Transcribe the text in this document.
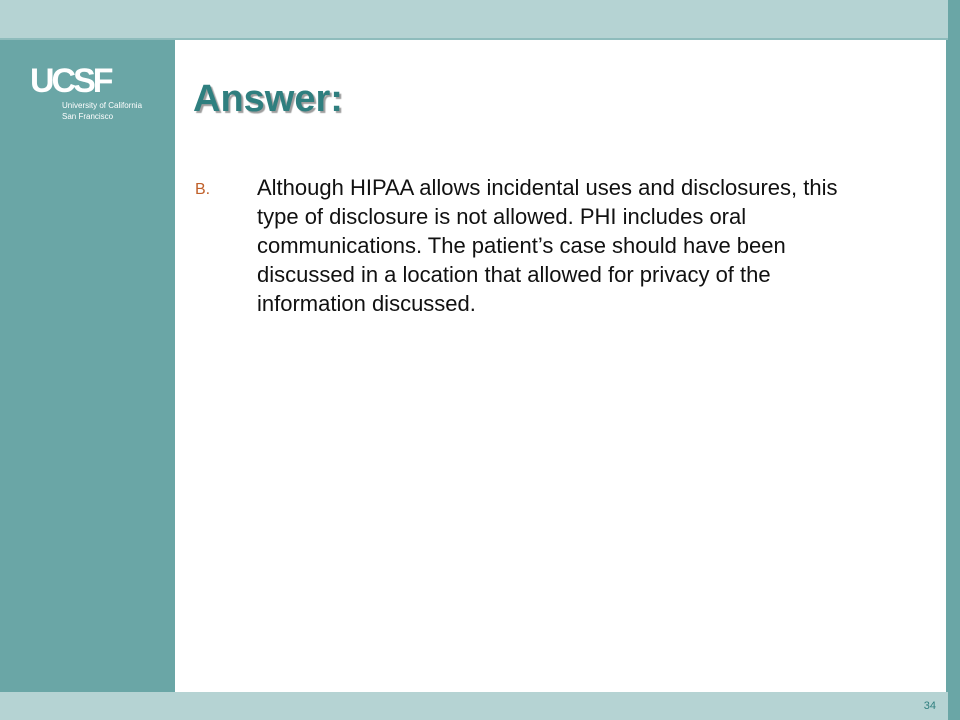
UCSF
University of California
San Francisco Answer:
B. Although HIPAA allows incidental uses and disclosures, this type of disclosure is not allowed. PHI includes oral communications. The patient’s case should have been discussed in a location that allowed for privacy of the information discussed.
34
